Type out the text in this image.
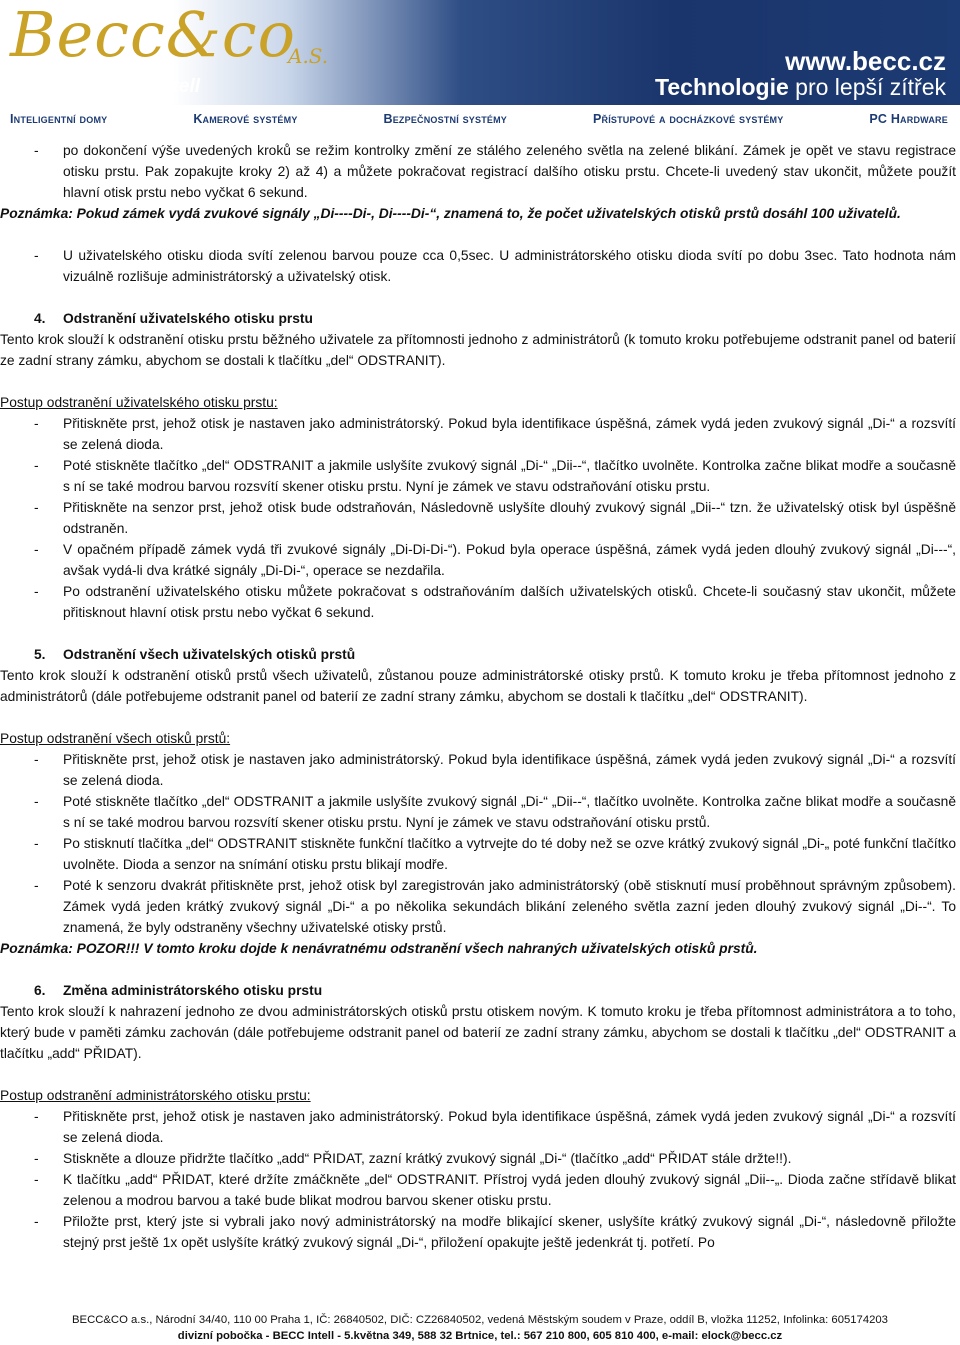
Becc&co
A.S.
Becc Intell
www.becc.cz
Technologie pro lepší zítřek
Inteligentní domy	Kamerové systémy	Bezpečnostní systémy	Přístupové a docházkové systémy	PC Hardware
- po dokončení výše uvedených kroků se režim kontrolky změní ze stálého zeleného světla na zelené blikání. Zámek je opět ve stavu registrace otisku prstu. Pak zopakujte kroky 2) až 4) a můžete pokračovat registrací dalšího otisku prstu. Chcete-li uvedený stav ukončit, můžete použít hlavní otisk prstu nebo vyčkat 6 sekund.
Poznámka: Pokud zámek vydá zvukové signály „Di----Di-, Di----Di-“, znamená to, že počet uživatelských otisků prstů dosáhl 100 uživatelů.
- U uživatelského otisku dioda svítí zelenou barvou pouze cca 0,5sec. U administrátorského otisku dioda svítí po dobu 3sec. Tato hodnota nám vizuálně rozlišuje administrátorský a uživatelský otisk.
4. Odstranění uživatelského otisku prstu
Tento krok slouží k odstranění otisku prstu běžného uživatele za přítomnosti jednoho z administrátorů (k tomuto kroku potřebujeme odstranit panel od baterií ze zadní strany zámku, abychom se dostali k tlačítku „del“ ODSTRANIT).
Postup odstranění uživatelského otisku prstu:
- Přitiskněte prst, jehož otisk je nastaven jako administrátorský. Pokud byla identifikace úspěšná, zámek vydá jeden zvukový signál „Di-“ a rozsvítí se zelená dioda.
- Poté stiskněte tlačítko „del“ ODSTRANIT a jakmile uslyšíte zvukový signál „Di-“ „Dii--“, tlačítko uvolněte. Kontrolka začne blikat modře a současně s ní se také modrou barvou rozsvítí skener otisku prstu. Nyní je zámek ve stavu odstraňování otisku prstu.
- Přitiskněte na senzor prst, jehož otisk bude odstraňován, Následovně uslyšíte dlouhý zvukový signál „Dii--“ tzn. že uživatelský otisk byl úspěšně odstraněn.
- V opačném případě zámek vydá tři zvukové signály „Di-Di-Di-“). Pokud byla operace úspěšná, zámek vydá jeden dlouhý zvukový signál „Di---“, avšak vydá-li dva krátké signály „Di-Di-“, operace se nezdařila.
- Po odstranění uživatelského otisku můžete pokračovat s odstraňováním dalších uživatelských otisků. Chcete-li současný stav ukončit, můžete přitisknout hlavní otisk prstu nebo vyčkat 6 sekund.
5. Odstranění všech uživatelských otisků prstů
Tento krok slouží k odstranění otisků prstů všech uživatelů, zůstanou pouze administrátorské otisky prstů. K tomuto kroku je třeba přítomnost jednoho z administrátorů (dále potřebujeme odstranit panel od baterií ze zadní strany zámku, abychom se dostali k tlačítku „del“ ODSTRANIT).
Postup odstranění všech otisků prstů:
- Přitiskněte prst, jehož otisk je nastaven jako administrátorský. Pokud byla identifikace úspěšná, zámek vydá jeden zvukový signál „Di-“ a rozsvítí se zelená dioda.
- Poté stiskněte tlačítko „del“ ODSTRANIT a jakmile uslyšíte zvukový signál „Di-“ „Dii--“, tlačítko uvolněte. Kontrolka začne blikat modře a současně s ní se také modrou barvou rozsvítí skener otisku prstu. Nyní je zámek ve stavu odstraňování otisku prstů.
- Po stisknutí tlačítka „del“ ODSTRANIT stiskněte funkční tlačítko a vytrvejte do té doby než se ozve krátký zvukový signál „Di-„ poté funkční tlačítko uvolněte. Dioda a senzor na snímání otisku prstu blikají modře.
- Poté k senzoru dvakrát přitiskněte prst, jehož otisk byl zaregistrován jako administrátorský (obě stisknutí musí proběhnout správným způsobem). Zámek vydá jeden krátký zvukový signál „Di-“ a po několika sekundách blikání zeleného světla zazní jeden dlouhý zvukový signál „Di--“. To znamená, že byly odstraněny všechny uživatelské otisky prstů.
Poznámka: POZOR!!! V tomto kroku dojde k nenávratnému odstranění všech nahraných uživatelských otisků prstů.
6. Změna administrátorského otisku prstu
Tento krok slouží k nahrazení jednoho ze dvou administrátorských otisků prstu otiskem novým. K tomuto kroku je třeba přítomnost administrátora a to toho, který bude v paměti zámku zachován (dále potřebujeme odstranit panel od baterií ze zadní strany zámku, abychom se dostali k tlačítku „del“ ODSTRANIT a tlačítku „add“ PŘIDAT).
Postup odstranění administrátorského otisku prstu:
- Přitiskněte prst, jehož otisk je nastaven jako administrátorský. Pokud byla identifikace úspěšná, zámek vydá jeden zvukový signál „Di-“ a rozsvítí se zelená dioda.
- Stiskněte a dlouze přidržte tlačítko „add“ PŘIDAT, zazní krátký zvukový signál „Di-“ (tlačítko „add“ PŘIDAT stále držte!!).
- K tlačítku „add“ PŘIDAT, které držíte zmáčkněte „del“ ODSTRANIT. Přístroj vydá jeden dlouhý zvukový signál „Dii--„. Dioda začne střídavě blikat zelenou a modrou barvou a také bude blikat modrou barvou skener otisku prstu.
- Přiložte prst, který jste si vybrali jako nový administrátorský na modře blikající skener, uslyšíte krátký zvukový signál „Di-“, následovně přiložte stejný prst ještě 1x opět uslyšíte krátký zvukový signál „Di-“, přiložení opakujte ještě jedenkrát tj. potřetí. Po
BECC&CO a.s., Národní 34/40, 110 00 Praha 1, IČ: 26840502, DIČ: CZ26840502, vedená Městským soudem v Praze, oddíl B, vložka 11252, Infolinka: 605174203
divizní pobočka - BECC Intell - 5.května 349, 588 32 Brtnice, tel.: 567 210 800, 605 810 400, e-mail: elock@becc.cz
